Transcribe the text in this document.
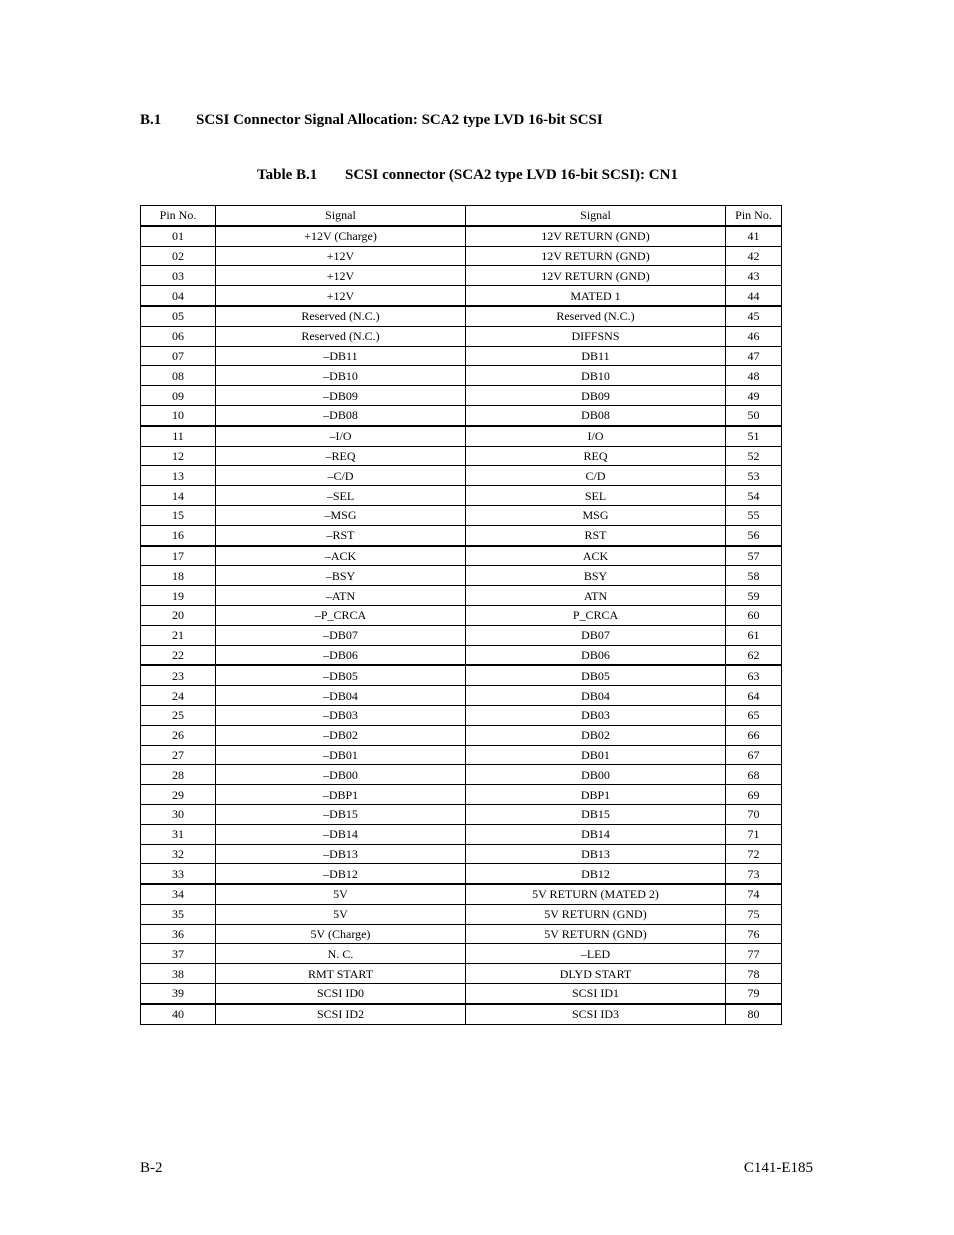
B.1 SCSI Connector Signal Allocation: SCA2 type LVD 16-bit SCSI
Table B.1 SCSI connector (SCA2 type LVD 16-bit SCSI): CN1
Pin No.	Signal	Signal	Pin No.
01	+12V (Charge)	12V RETURN (GND)	41
02	+12V	12V RETURN (GND)	42
03	+12V	12V RETURN (GND)	43
04	+12V	MATED 1	44
05	Reserved (N.C.)	Reserved (N.C.)	45
06	Reserved (N.C.)	DIFFSNS	46
07	–DB11	DB11	47
08	–DB10	DB10	48
09	–DB09	DB09	49
10	–DB08	DB08	50
11	–I/O	I/O	51
12	–REQ	REQ	52
13	–C/D	C/D	53
14	–SEL	SEL	54
15	–MSG	MSG	55
16	–RST	RST	56
17	–ACK	ACK	57
18	–BSY	BSY	58
19	–ATN	ATN	59
20	–P_CRCA	P_CRCA	60
21	–DB07	DB07	61
22	–DB06	DB06	62
23	–DB05	DB05	63
24	–DB04	DB04	64
25	–DB03	DB03	65
26	–DB02	DB02	66
27	–DB01	DB01	67
28	–DB00	DB00	68
29	–DBP1	DBP1	69
30	–DB15	DB15	70
31	–DB14	DB14	71
32	–DB13	DB13	72
33	–DB12	DB12	73
34	5V	5V RETURN (MATED 2)	74
35	5V	5V RETURN (GND)	75
36	5V (Charge)	5V RETURN (GND)	76
37	N. C.	–LED	77
38	RMT START	DLYD START	78
39	SCSI ID0	SCSI ID1	79
40	SCSI ID2	SCSI ID3	80
B-2	C141-E185
